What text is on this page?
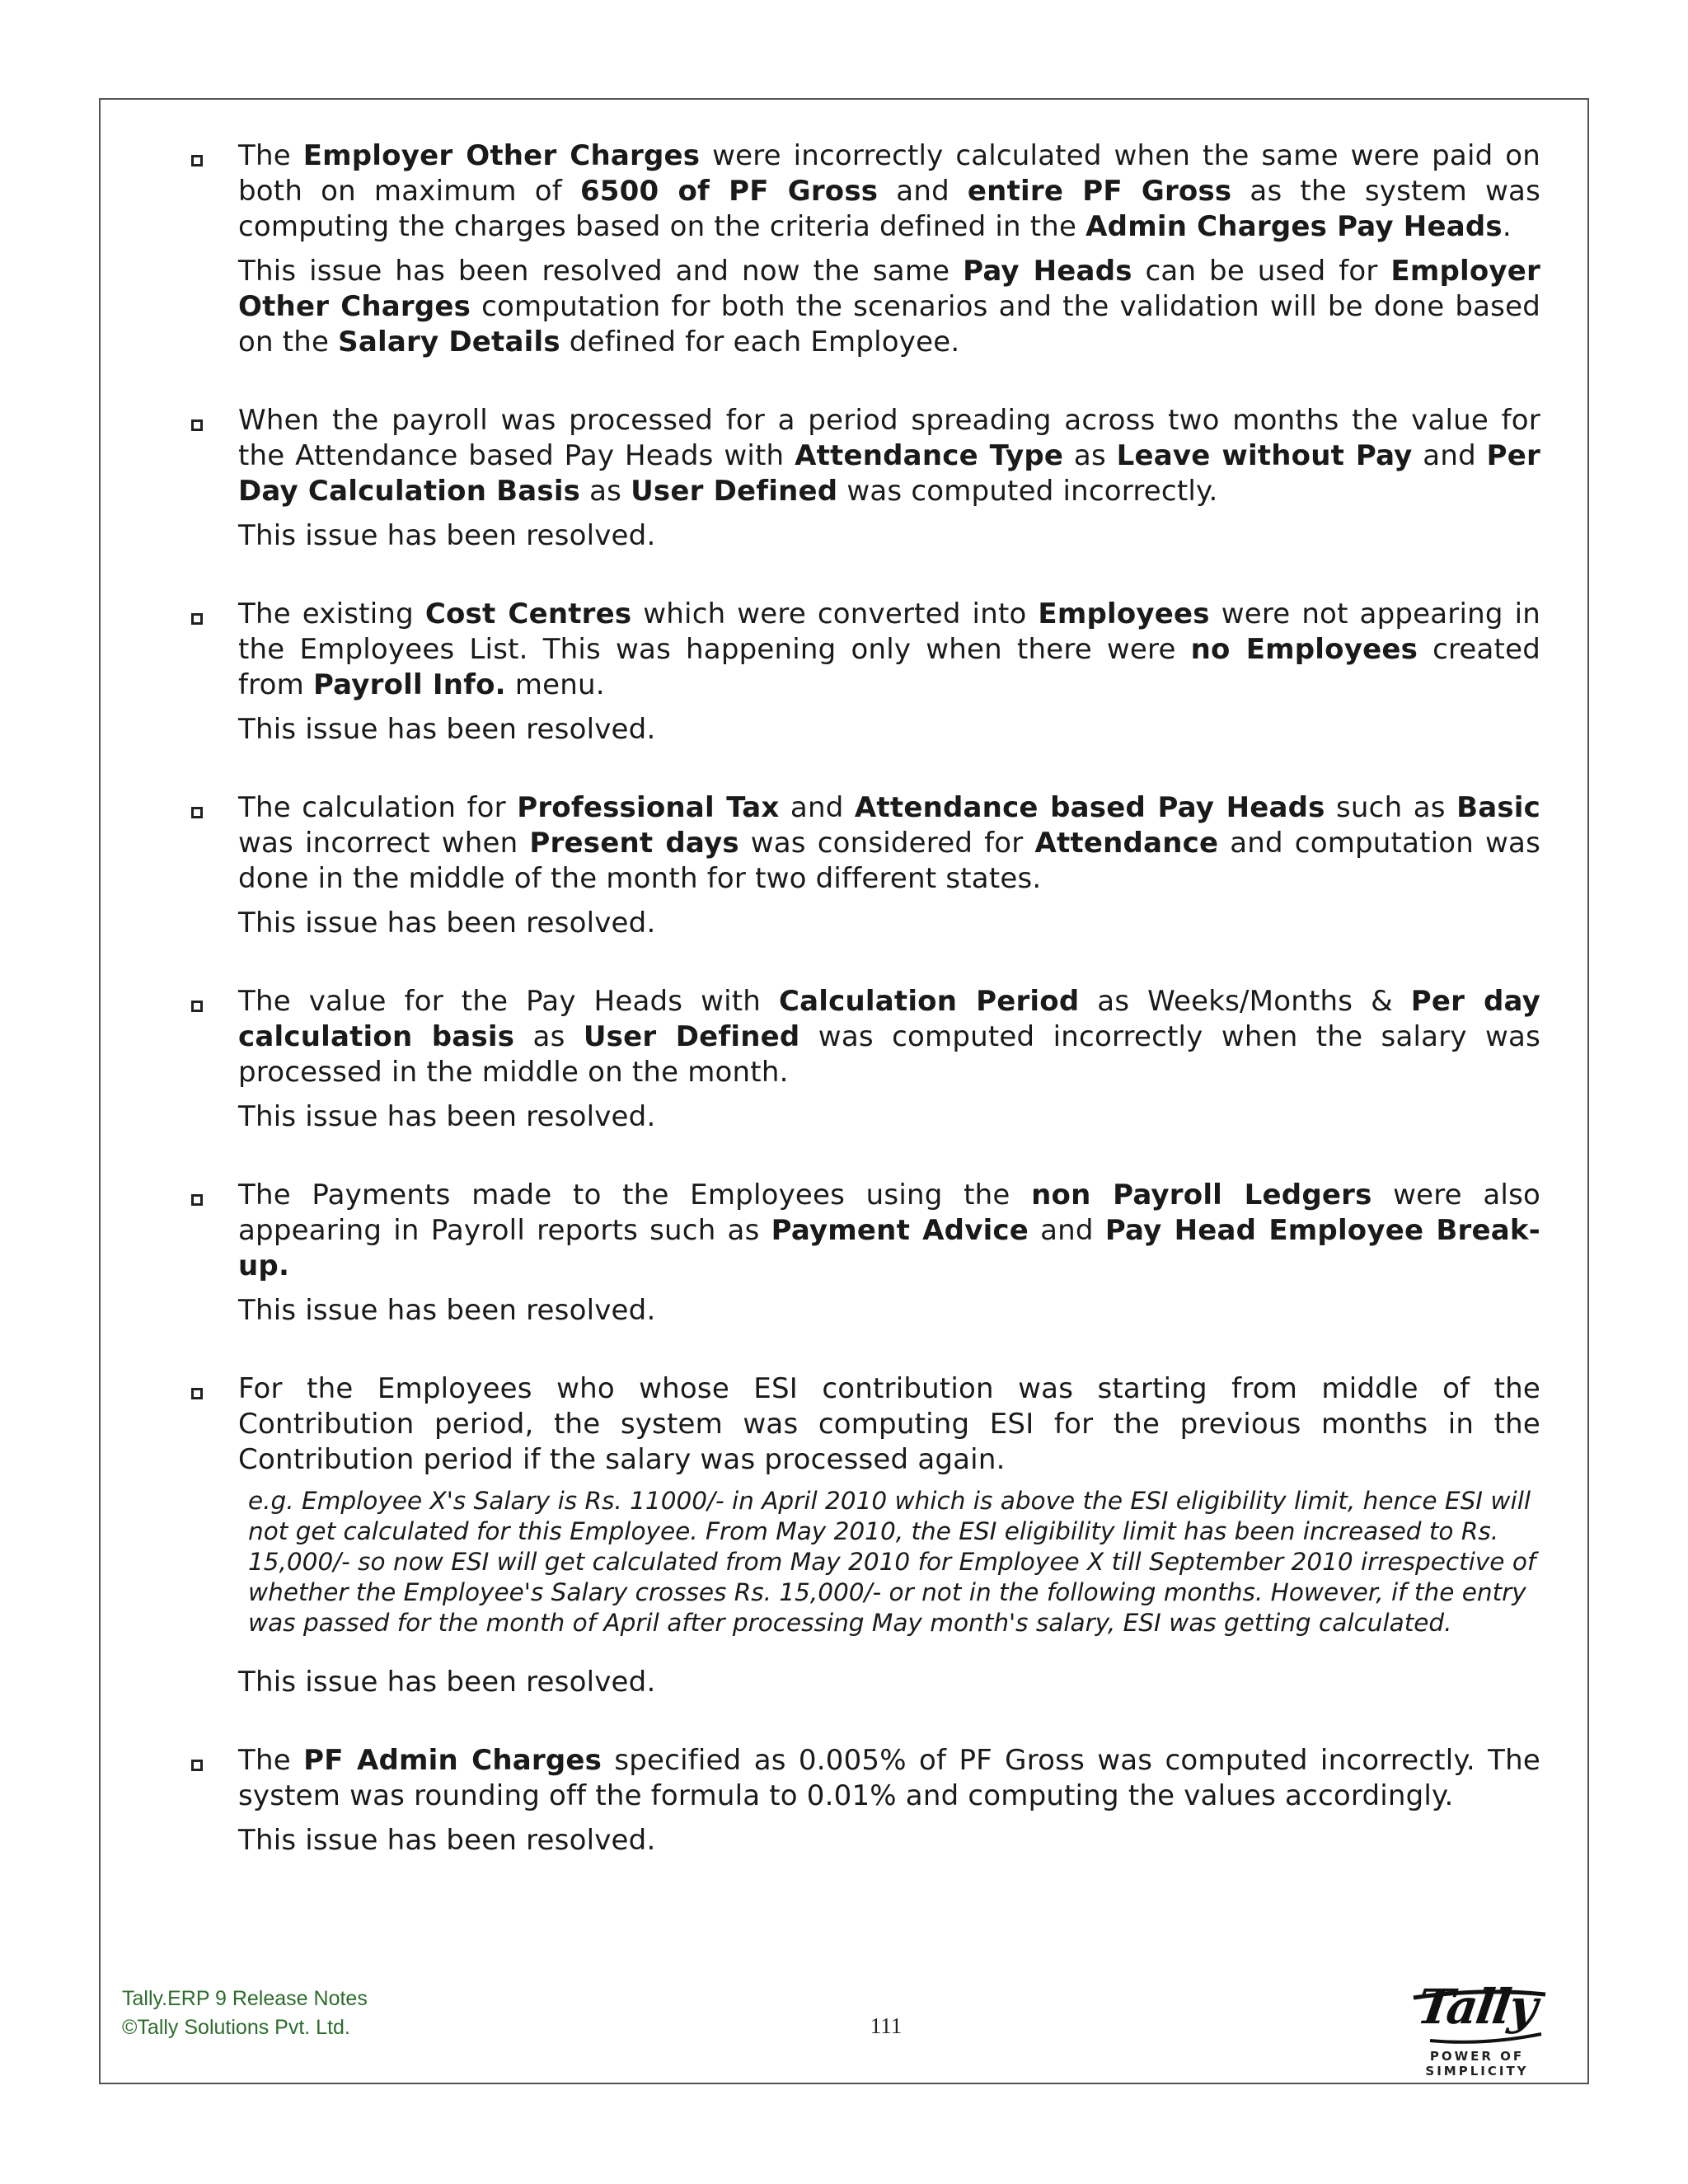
The Employer Other Charges were incorrectly calculated when the same were paid on both on maximum of 6500 of PF Gross and entire PF Gross as the system was computing the charges based on the criteria defined in the Admin Charges Pay Heads.

This issue has been resolved and now the same Pay Heads can be used for Employer Other Charges computation for both the scenarios and the validation will be done based on the Salary Details defined for each Employee.

When the payroll was processed for a period spreading across two months the value for the Attendance based Pay Heads with Attendance Type as Leave without Pay and Per Day Calculation Basis as User Defined was computed incorrectly.

This issue has been resolved.

The existing Cost Centres which were converted into Employees were not appearing in the Employees List. This was happening only when there were no Employees created from Payroll Info. menu.

This issue has been resolved.

The calculation for Professional Tax and Attendance based Pay Heads such as Basic was incorrect when Present days was considered for Attendance and computation was done in the middle of the month for two different states.

This issue has been resolved.

The value for the Pay Heads with Calculation Period as Weeks/Months & Per day calculation basis as User Defined was computed incorrectly when the salary was processed in the middle on the month.

This issue has been resolved.

The Payments made to the Employees using the non Payroll Ledgers were also appearing in Payroll reports such as Payment Advice and Pay Head Employee Break-up.

This issue has been resolved.

For the Employees who whose ESI contribution was starting from middle of the Contribution period, the system was computing ESI for the previous months in the Contribution period if the salary was processed again.

e.g. Employee X's Salary is Rs. 11000/- in April 2010 which is above the ESI eligibility limit, hence ESI will not get calculated for this Employee. From May 2010, the ESI eligibility limit has been increased to Rs. 15,000/- so now ESI will get calculated from May 2010 for Employee X till September 2010 irrespective of whether the Employee's Salary crosses Rs. 15,000/- or not in the following months. However, if the entry was passed for the month of April after processing May month's salary, ESI was getting calculated.

This issue has been resolved.

The PF Admin Charges specified as 0.005% of PF Gross was computed incorrectly. The system was rounding off the formula to 0.01% and computing the values accordingly.

This issue has been resolved.

Tally.ERP 9 Release Notes
©Tally Solutions Pvt. Ltd.	111	Tally
POWER OF SIMPLICITY
